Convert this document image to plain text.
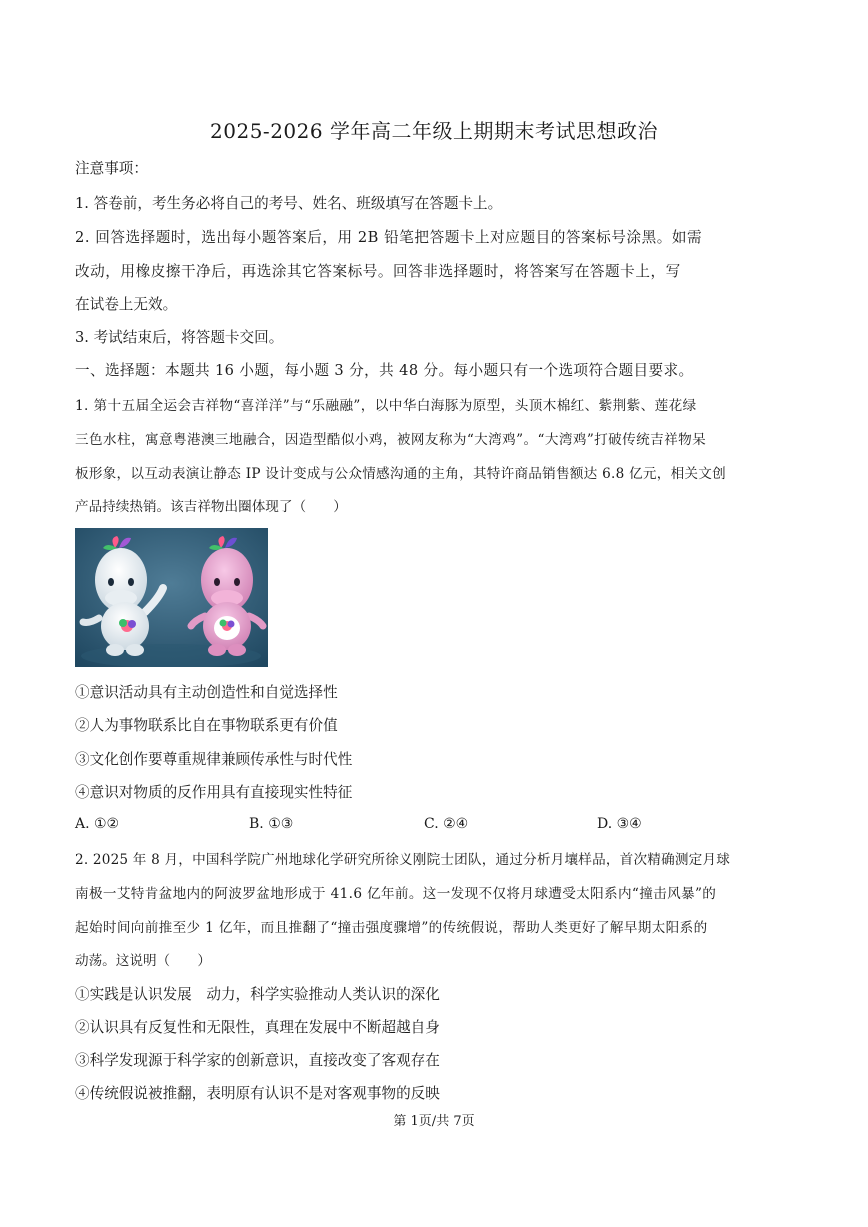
2025-2026 学年高二年级上期期末考试思想政治
注意事项：
1. 答卷前，考生务必将自己的考号、姓名、班级填写在答题卡上。
2. 回答选择题时，选出每小题答案后，用 2B 铅笔把答题卡上对应题目的答案标号涂黑。如需
改动，用橡皮擦干净后，再选涂其它答案标号。回答非选择题时，将答案写在答题卡上，写
在试卷上无效。
3. 考试结束后，将答题卡交回。
一、选择题：本题共 16 小题，每小题 3 分，共 48 分。每小题只有一个选项符合题目要求。
1. 第十五届全运会吉祥物“喜洋洋”与“乐融融”，以中华白海豚为原型，头顶木棉红、紫荆紫、莲花绿
三色水柱，寓意粤港澳三地融合，因造型酷似小鸡，被网友称为“大湾鸡”。“大湾鸡”打破传统吉祥物呆
板形象，以互动表演让静态 IP 设计变成与公众情感沟通的主角，其特许商品销售额达 6.8 亿元，相关文创
产品持续热销。该吉祥物出圈体现了（　　）
①意识活动具有主动创造性和自觉选择性
②人为事物联系比自在事物联系更有价值
③文化创作要尊重规律兼顾传承性与时代性
④意识对物质的反作用具有直接现实性特征
A. ①②	B. ①③	C. ②④	D. ③④
2. 2025 年 8 月，中国科学院广州地球化学研究所徐义刚院士团队，通过分析月壤样品，首次精确测定月球
南极一艾特肯盆地内的阿波罗盆地形成于 41.6 亿年前。这一发现不仅将月球遭受太阳系内“撞击风暴”的
起始时间向前推至少 1 亿年，而且推翻了“撞击强度骤增”的传统假说，帮助人类更好了解早期太阳系的
动荡。这说明（　　）
①实践是认识发展　动力，科学实验推动人类认识的深化
②认识具有反复性和无限性，真理在发展中不断超越自身
③科学发现源于科学家的创新意识，直接改变了客观存在
④传统假说被推翻，表明原有认识不是对客观事物的反映
第 1页/共 7页
